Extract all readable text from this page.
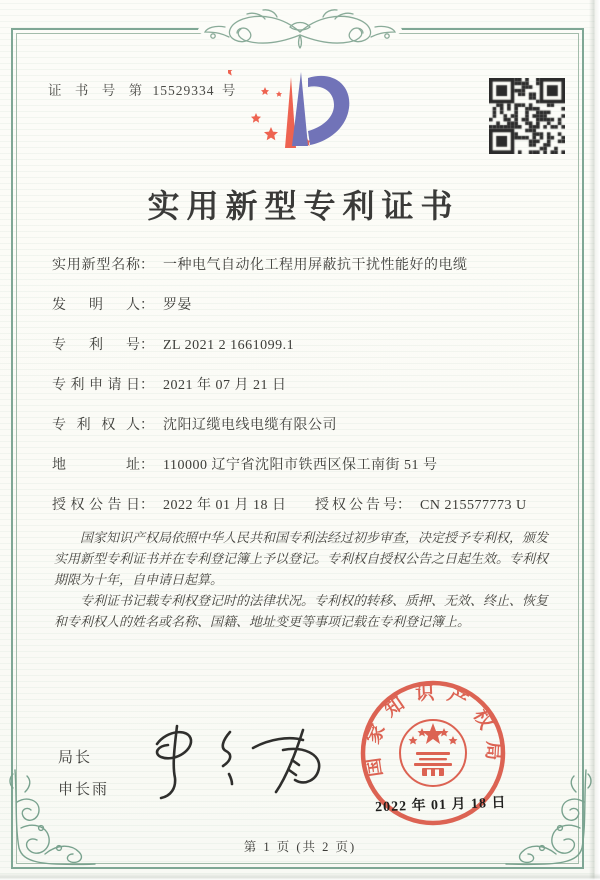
证 书 号 第 15529334 号
实用新型专利证书
实用新型名称 ： 一种电气自动化工程用屏蔽抗干扰性能好的电缆
发明人 ： 罗晏
专利号 ： ZL 2021 2 1661099.1
专利申请日 ： 2021 年 07 月 21 日
专利权人 ： 沈阳辽缆电线电缆有限公司
地址 ： 110000 辽宁省沈阳市铁西区保工南街 51 号
授权公告日 ： 2022 年 01 月 18 日 授权公告号 ： CN 215577773 U

国家知识产权局依照中华人民共和国专利法经过初步审查，决定授予专利权，颁发实用新型专利证书并在专利登记簿上予以登记。专利权自授权公告之日起生效。专利权期限为十年，自申请日起算。

专利证书记载专利权登记时的法律状况。专利权的转移、质押、无效、终止、恢复和专利权人的姓名或名称、国籍、地址变更等事项记载在专利登记簿上。

局长
申长雨
国家知识产权局
2022 年 01 月 18 日
第 1 页 (共 2 页)
